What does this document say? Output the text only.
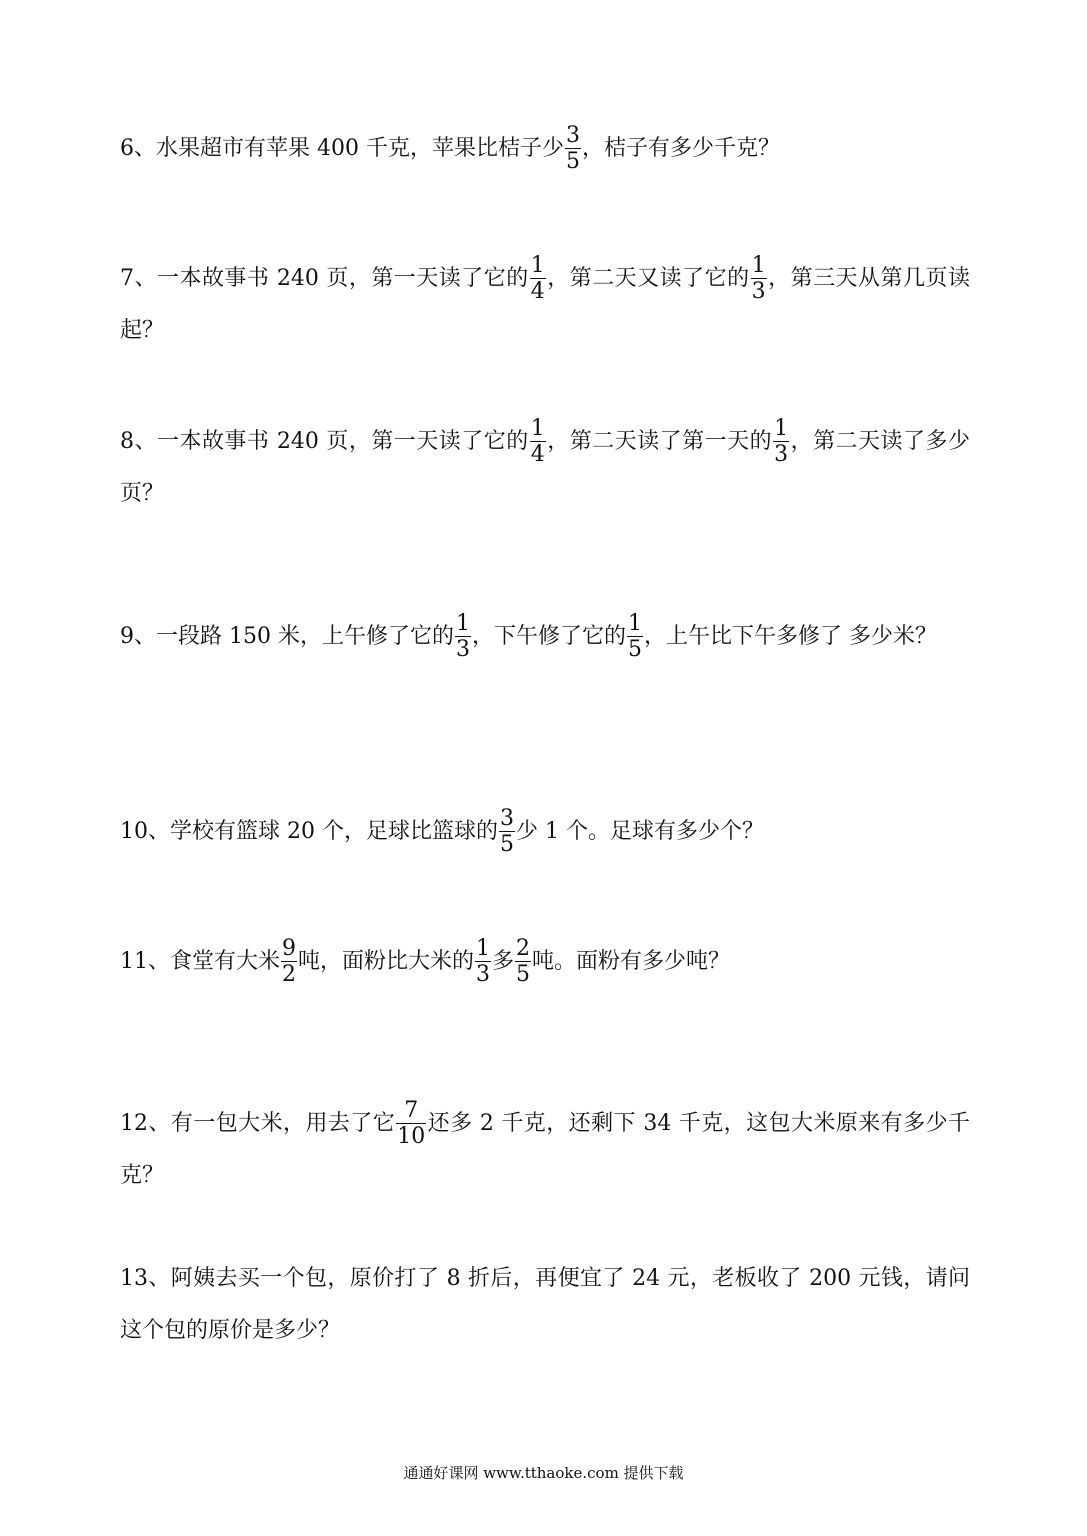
6、水果超市有苹果 400 千克，苹果比桔子少 $\frac{3}{5}$ ，桔子有多少千克？
7、一本故事书 240 页，第一天读了它的 $\frac{1}{4}$ ，第二天又读了它的 $\frac{1}{3}$ ，第三天从第几页读起？
8、一本故事书 240 页，第一天读了它的 $\frac{1}{4}$ ，第二天读了第一天的 $\frac{1}{3}$ ，第二天读了多少页？
9、一段路 150 米，上午修了它的 $\frac{1}{3}$ ，下午修了它的 $\frac{1}{5}$ ，上午比下午多修了 多少米？
10、学校有篮球 20 个，足球比篮球的 $\frac{3}{5}$ 少 1 个。足球有多少个？
11、食堂有大米 $\frac{9}{2}$ 吨，面粉比大米的 $\frac{1}{3}$ 多 $\frac{2}{5}$ 吨。面粉有多少吨？
12、有一包大米，用去了它 $\frac{7}{10}$ 还多 2 千克，还剩下 34 千克，这包大米原来有多少千克？
13、阿姨去买一个包，原价打了 8 折后，再便宜了 24 元，老板收了 200 元钱，请问这个包的原价是多少？
通通好课网 www.tthaoke.com 提供下载
